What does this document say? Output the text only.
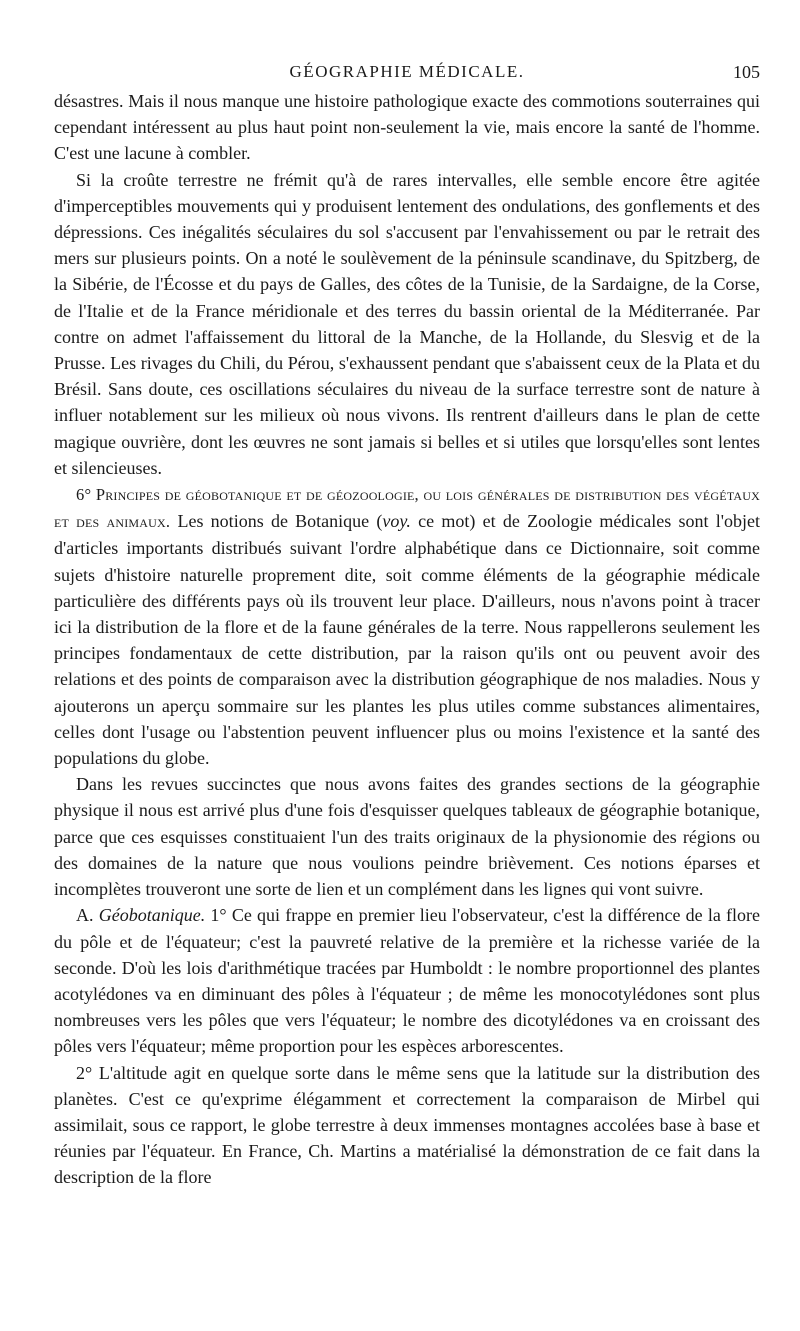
GÉOGRAPHIE MÉDICALE.	105

désastres. Mais il nous manque une histoire pathologique exacte des commotions souterraines qui cependant intéressent au plus haut point non-seulement la vie, mais encore la santé de l'homme. C'est une lacune à combler.

Si la croûte terrestre ne frémit qu'à de rares intervalles, elle semble encore être agitée d'imperceptibles mouvements qui y produisent lentement des ondulations, des gonflements et des dépressions. Ces inégalités séculaires du sol s'accusent par l'envahissement ou par le retrait des mers sur plusieurs points. On a noté le soulèvement de la péninsule scandinave, du Spitzberg, de la Sibérie, de l'Écosse et du pays de Galles, des côtes de la Tunisie, de la Sardaigne, de la Corse, de l'Italie et de la France méridionale et des terres du bassin oriental de la Méditerranée. Par contre on admet l'affaissement du littoral de la Manche, de la Hollande, du Slesvig et de la Prusse. Les rivages du Chili, du Pérou, s'exhaussent pendant que s'abaissent ceux de la Plata et du Brésil. Sans doute, ces oscillations séculaires du niveau de la surface terrestre sont de nature à influer notablement sur les milieux où nous vivons. Ils rentrent d'ailleurs dans le plan de cette magique ouvrière, dont les œuvres ne sont jamais si belles et si utiles que lorsqu'elles sont lentes et silencieuses.

6° Principes de géobotanique et de géozoologie, ou lois générales de distribution des végétaux et des animaux. Les notions de Botanique (voy. ce mot) et de Zoologie médicales sont l'objet d'articles importants distribués suivant l'ordre alphabétique dans ce Dictionnaire, soit comme sujets d'histoire naturelle proprement dite, soit comme éléments de la géographie médicale particulière des différents pays où ils trouvent leur place. D'ailleurs, nous n'avons point à tracer ici la distribution de la flore et de la faune générales de la terre. Nous rappellerons seulement les principes fondamentaux de cette distribution, par la raison qu'ils ont ou peuvent avoir des relations et des points de comparaison avec la distribution géographique de nos maladies. Nous y ajouterons un aperçu sommaire sur les plantes les plus utiles comme substances alimentaires, celles dont l'usage ou l'abstention peuvent influencer plus ou moins l'existence et la santé des populations du globe.

Dans les revues succinctes que nous avons faites des grandes sections de la géographie physique il nous est arrivé plus d'une fois d'esquisser quelques tableaux de géographie botanique, parce que ces esquisses constituaient l'un des traits originaux de la physionomie des régions ou des domaines de la nature que nous voulions peindre brièvement. Ces notions éparses et incomplètes trouveront une sorte de lien et un complément dans les lignes qui vont suivre.

A. Géobotanique. 1° Ce qui frappe en premier lieu l'observateur, c'est la différence de la flore du pôle et de l'équateur; c'est la pauvreté relative de la première et la richesse variée de la seconde. D'où les lois d'arithmétique tracées par Humboldt : le nombre proportionnel des plantes acotylédones va en diminuant des pôles à l'équateur ; de même les monocotylédones sont plus nombreuses vers les pôles que vers l'équateur; le nombre des dicotylédones va en croissant des pôles vers l'équateur; même proportion pour les espèces arborescentes.

2° L'altitude agit en quelque sorte dans le même sens que la latitude sur la distribution des planètes. C'est ce qu'exprime élégamment et correctement la comparaison de Mirbel qui assimilait, sous ce rapport, le globe terrestre à deux immenses montagnes accolées base à base et réunies par l'équateur. En France, Ch. Martins a matérialisé la démonstration de ce fait dans la description de la flore
